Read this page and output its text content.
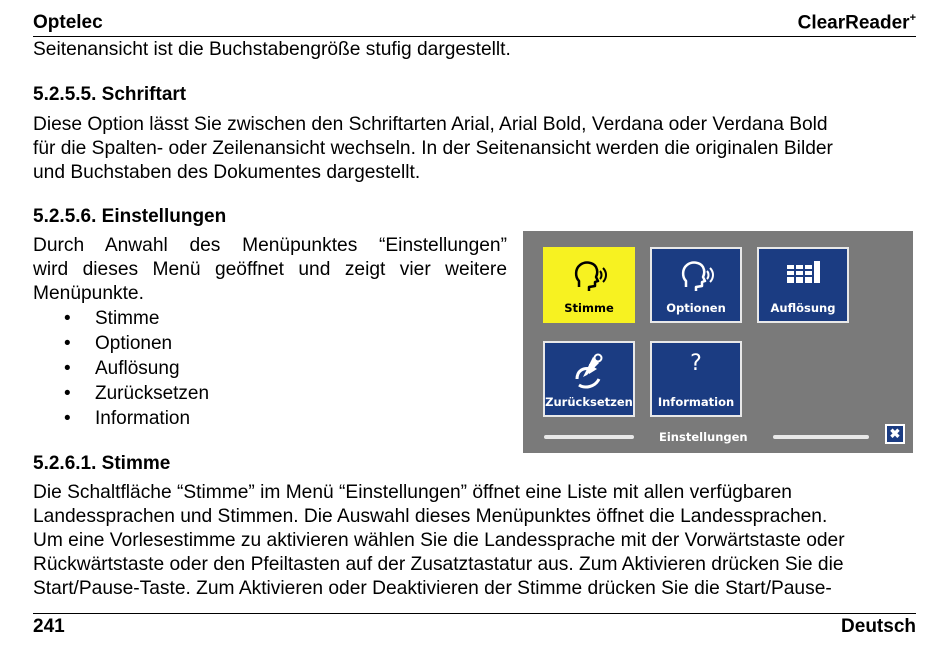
Optelec	ClearReader+
Seitenansicht ist die Buchstabengröße stufig dargestellt.
5.2.5.5. Schriftart
Diese Option lässt Sie zwischen den Schriftarten Arial, Arial Bold, Verdana oder Verdana Bold
für die Spalten- oder Zeilenansicht wechseln. In der Seitenansicht werden die originalen Bilder
und Buchstaben des Dokumentes dargestellt.
5.2.5.6. Einstellungen
Durch Anwahl des Menüpunktes “Einstellungen”
wird dieses Menü geöffnet und zeigt vier weitere
Menüpunkte.
• Stimme
• Optionen
• Auflösung
• Zurücksetzen
• Information
Stimme	Optionen	Auflösung
Zurücksetzen
?
Information
Einstellungen	✖
5.2.6.1. Stimme
Die Schaltfläche “Stimme” im Menü “Einstellungen” öffnet eine Liste mit allen verfügbaren
Landessprachen und Stimmen. Die Auswahl dieses Menüpunktes öffnet die Landessprachen.
Um eine Vorlesestimme zu aktivieren wählen Sie die Landessprache mit der Vorwärtstaste oder
Rückwärtstaste oder den Pfeiltasten auf der Zusatztastatur aus. Zum Aktivieren drücken Sie die
Start/Pause-Taste. Zum Aktivieren oder Deaktivieren der Stimme drücken Sie die Start/Pause-
241	Deutsch
